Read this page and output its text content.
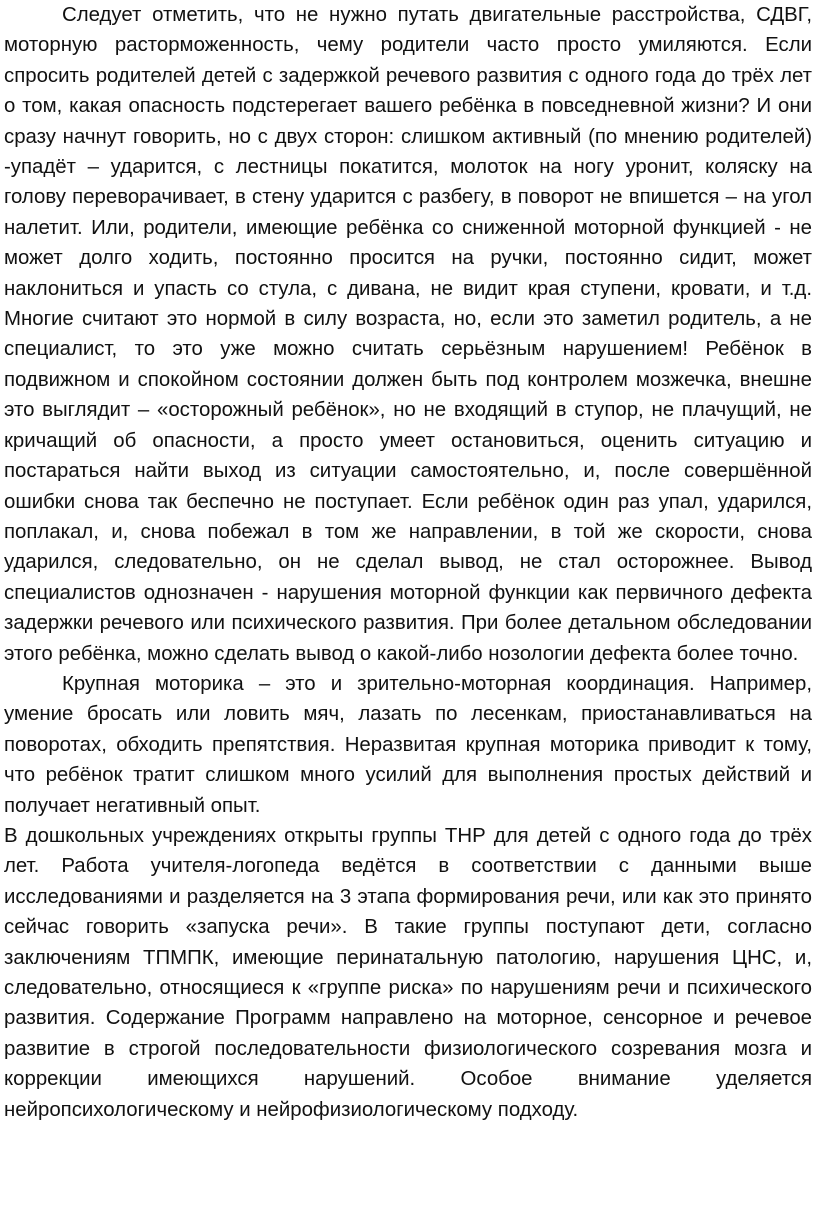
Следует отметить, что не нужно путать двигательные расстройства, СДВГ, моторную расторможенность, чему родители часто просто умиляются. Если спросить родителей детей с задержкой речевого развития с одного года до трёх лет о том, какая опасность подстерегает вашего ребёнка в повседневной жизни? И они сразу начнут говорить, но с двух сторон: слишком активный (по мнению родителей) -упадёт – ударится, с лестницы покатится, молоток на ногу уронит, коляску на голову переворачивает, в стену ударится с разбегу, в поворот не впишется – на угол налетит. Или, родители, имеющие ребёнка со сниженной моторной функцией - не может долго ходить, постоянно просится на ручки, постоянно сидит, может наклониться и упасть со стула, с дивана, не видит края ступени, кровати, и т.д. Многие считают это нормой в силу возраста, но, если это заметил родитель, а не специалист, то это уже можно считать серьёзным нарушением! Ребёнок в подвижном и спокойном состоянии должен быть под контролем мозжечка, внешне это выглядит – «осторожный ребёнок», но не входящий в ступор, не плачущий, не кричащий об опасности, а просто умеет остановиться, оценить ситуацию и постараться найти выход из ситуации самостоятельно, и, после совершённой ошибки снова так беспечно не поступает. Если ребёнок один раз упал, ударился, поплакал, и, снова побежал в том же направлении, в той же скорости, снова ударился, следовательно, он не сделал вывод, не стал осторожнее. Вывод специалистов однозначен - нарушения моторной функции как первичного дефекта задержки речевого или психического развития. При более детальном обследовании этого ребёнка, можно сделать вывод о какой-либо нозологии дефекта более точно.

Крупная моторика – это и зрительно-моторная координация. Например, умение бросать или ловить мяч, лазать по лесенкам, приостанавливаться на поворотах, обходить препятствия. Неразвитая крупная моторика приводит к тому, что ребёнок тратит слишком много усилий для выполнения простых действий и получает негативный опыт.

В дошкольных учреждениях открыты группы ТНР для детей с одного года до трёх лет. Работа учителя-логопеда ведётся в соответствии с данными выше исследованиями и разделяется на 3 этапа формирования речи, или как это принято сейчас говорить «запуска речи». В такие группы поступают дети, согласно заключениям ТПМПК, имеющие перинатальную патологию, нарушения ЦНС, и, следовательно, относящиеся к «группе риска» по нарушениям речи и психического развития. Содержание Программ направлено на моторное, сенсорное и речевое развитие в строгой последовательности физиологического созревания мозга и коррекции имеющихся нарушений. Особое внимание уделяется нейропсихологическому и нейрофизиологическому подходу.
